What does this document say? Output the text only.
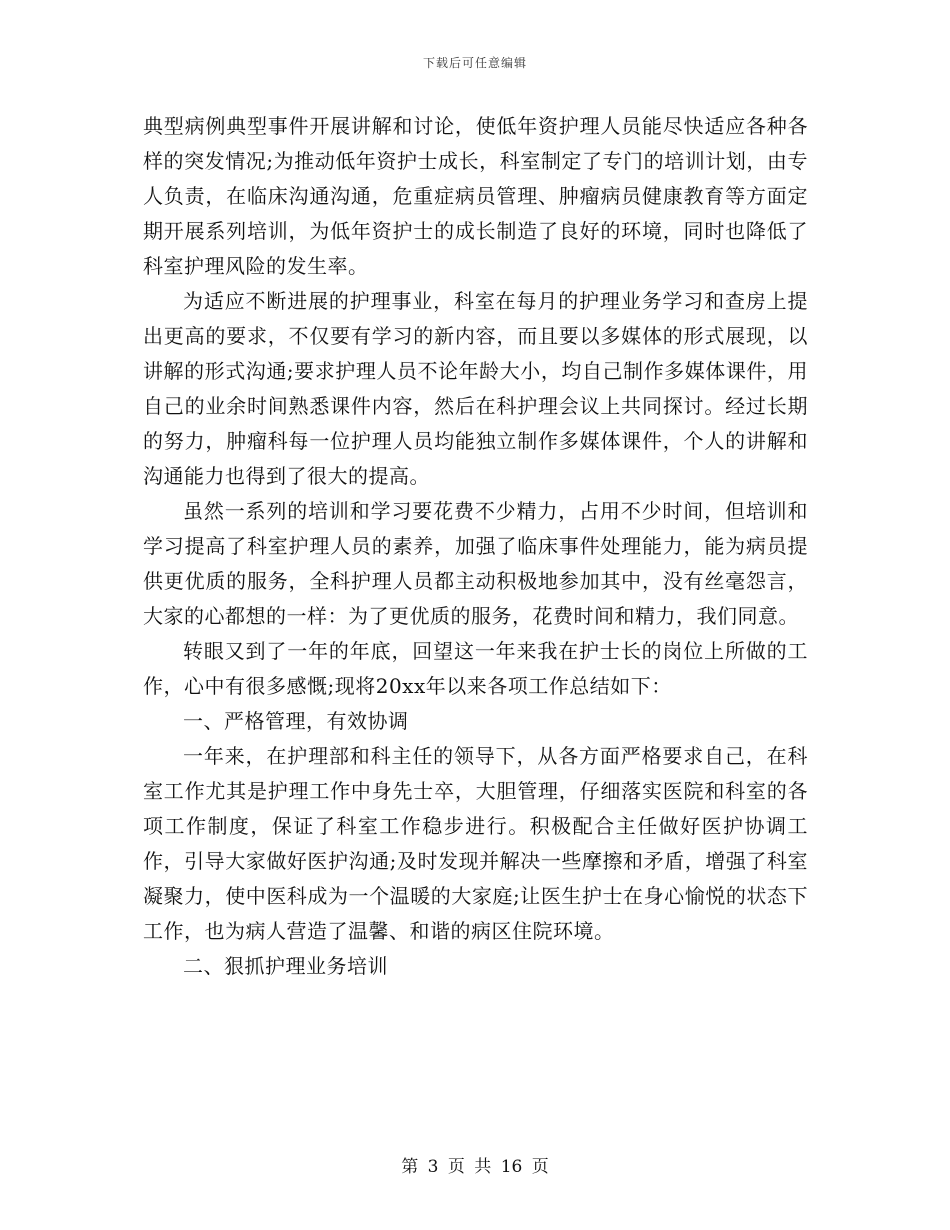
下载后可任意编辑

典型病例典型事件开展讲解和讨论，使低年资护理人员能尽快适应各种各样的突发情况;为推动低年资护士成长，科室制定了专门的培训计划，由专人负责，在临床沟通沟通，危重症病员管理、肿瘤病员健康教育等方面定期开展系列培训，为低年资护士的成长制造了良好的环境，同时也降低了科室护理风险的发生率。

为适应不断进展的护理事业，科室在每月的护理业务学习和查房上提出更高的要求，不仅要有学习的新内容，而且要以多媒体的形式展现，以讲解的形式沟通;要求护理人员不论年龄大小，均自己制作多媒体课件，用自己的业余时间熟悉课件内容，然后在科护理会议上共同探讨。经过长期的努力，肿瘤科每一位护理人员均能独立制作多媒体课件，个人的讲解和沟通能力也得到了很大的提高。

虽然一系列的培训和学习要花费不少精力，占用不少时间，但培训和学习提高了科室护理人员的素养，加强了临床事件处理能力，能为病员提供更优质的服务，全科护理人员都主动积极地参加其中，没有丝毫怨言，大家的心都想的一样：为了更优质的服务，花费时间和精力，我们同意。

转眼又到了一年的年底，回望这一年来我在护士长的岗位上所做的工作，心中有很多感慨;现将20xx年以来各项工作总结如下：

一、严格管理，有效协调

一年来，在护理部和科主任的领导下，从各方面严格要求自己，在科室工作尤其是护理工作中身先士卒，大胆管理，仔细落实医院和科室的各项工作制度，保证了科室工作稳步进行。积极配合主任做好医护协调工作，引导大家做好医护沟通;及时发现并解决一些摩擦和矛盾，增强了科室凝聚力，使中医科成为一个温暖的大家庭;让医生护士在身心愉悦的状态下工作，也为病人营造了温馨、和谐的病区住院环境。

二、狠抓护理业务培训

第 3 页 共 16 页
